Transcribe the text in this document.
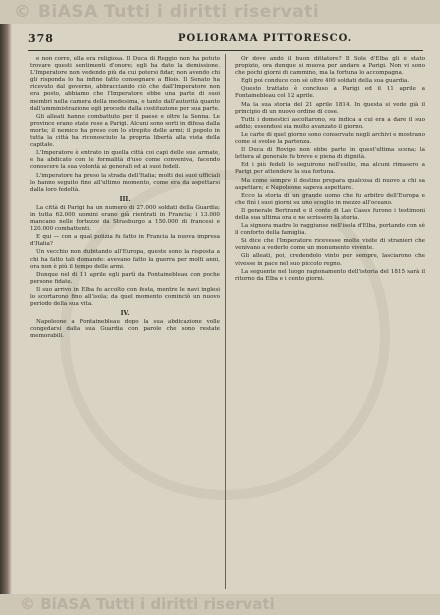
© BiASA Tutti i diritti riservati
378	POLIORAMA PITTORESCO.

e non corre, ella era religiosa. Il Duca di Reggio non ha potuto trovare questi sentimenti d'onore; egli ha dato la demissione. L'Imperatore non vedendo più da cui potersi fidar, non avendo chi gli risponda lo ha infine fatto consegnare a Blois. Il Senato ha ricevuto dal governo, abbracciando ciò che dall'Imperatore non era posto, abbiamo che l'Imperatore ebbe una parte di suoi membri nella camera della medesima, e tanto dall'autorità quanto dall'amministrazione egli procede dalla costituzione per sua parte.

Gli alleati hanno combattuto per il paese e oltre la Senna. Le province erano state rese a Parigi. Alcuni sono sorti in difesa dalla morte; il nemico ha preso con lo strepito delle armi; il popolo in tutta la città ha riconosciuto la propria libertà alla vista della capitale.

L'Imperatore è entrato in quella città coi capi delle sue armate, e ha abdicato con le formalità d'uso come conveniva, facendo conoscere la sua volontà ai generali ed ai suoi fedeli.

L'imperatore ha preso la strada dell'Italia; molti dei suoi ufficiali lo hanno seguito fino all'ultimo momento, come era da aspettarsi dalla loro fedeltà.

III.

La città di Parigi ha un numero di 27.000 soldati della Guardia; in tutta 62.000 uomini erano già rientrati in Francia; i 13.000 mancano nelle fortezze da Strasburgo a 150.000 di francesi e 120.000 combattenti.

E qui — con a qual polizia fu fatto in Francia la nuova impresa d'Italia?

Un vecchio non dubitando all'Europa, queste sono la risposta a chi ha fatto tali domande: avevano fatto la guerra per molti anni, ora non è più il tempo delle armi.

Dunque nel di 11 aprile egli partì da Fontainebleau con poche persone fidate.

Il suo arrivo in Elba fu accolto con festa, mentre le navi inglesi lo scortarono fino all'isola; da quel momento cominciò un nuovo periodo della sua vita.

IV.

Napoleone a Fontainebleau dopo la sua abdicazione volle congedarsi dalla sua Guardia con parole che sono restate memorabili.

Or dove andò il buon dittatore? Il Sole d'Elba gli è stato propizio, ora dunque si muova per andare a Parigi. Non vi sono che pochi giorni di cammino, ma la fortuna lo accompagna.

Egli poi conduce con sè oltre 400 soldati della sua guardia.

Questo trattato è concluso a Parigi ed il 11 aprile a Fontainebleau col 12 aprile.

Ma la sua storia del 21 aprile 1814. In questa si vede già il principio di un nuovo ordine di cose.

Tutti i domestici ascoltarono, su indica a cui era a dare il suo addio; essendosi sia molto avanzato il giorno.

Le carte di quel giorno sono conservate negli archivi e mostrano come si svolse la partenza.

Il Duca di Rovigo non ebbe parte in quest'ultima scena; la lettera al generale fu breve e piena di dignità.

Ed i più fedeli lo seguirono nell'esilio, ma alcuni rimasero a Parigi per attendere la sua fortuna.

Ma come sempre il destino prepara qualcosa di nuovo a chi sa aspettare; e Napoleone sapeva aspettare.

Ecco la storia di un grande uomo che fu arbitro dell'Europa e che finì i suoi giorni su uno scoglio in mezzo all'oceano.

Il generale Bertrand e il conte di Las Cases furono i testimoni della sua ultima ora e ne scrissero la storia.

La signora madre lo raggiunse nell'isola d'Elba, portando con sè il conforto della famiglia.

Si dice che l'Imperatore ricevesse molte visite di stranieri che venivano a vederlo come un monumento vivente.

Gli alleati, poi, credendolo vinto per sempre, lasciarono che vivesse in pace nel suo piccolo regno.

La seguente nel luogo ragionamento dell'istoria del 1815 sarà il ritorno da Elba e i cento giorni.

© BiASA Tutti i diritti riservati
